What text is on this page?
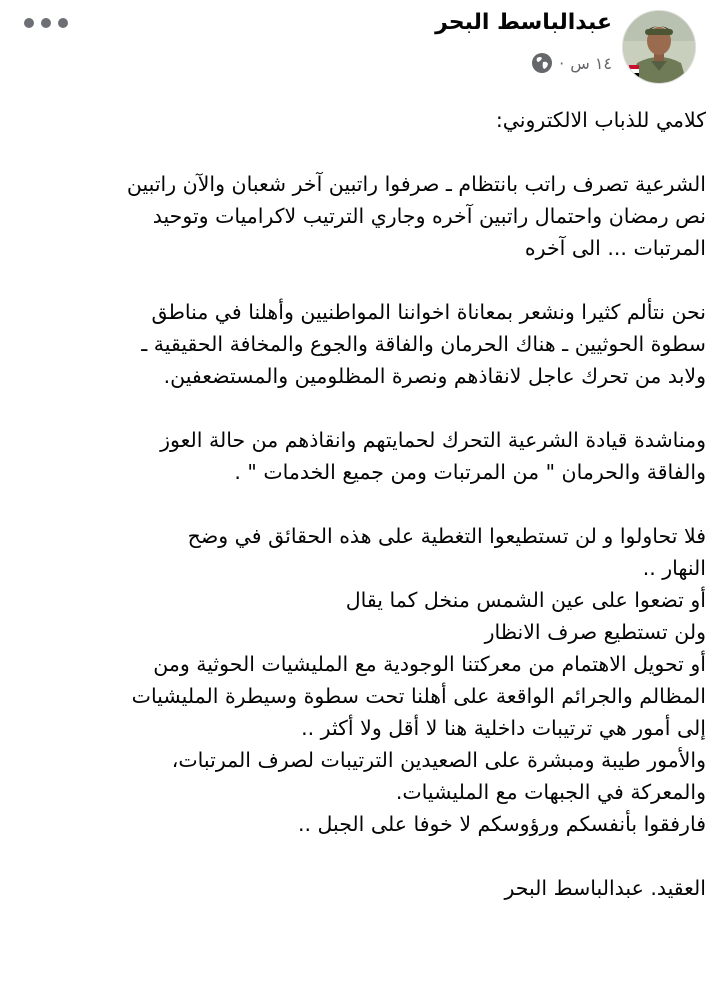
عبدالباسط البحر
١٤ س
·

كلامي للذباب الالكتروني:

الشرعية تصرف راتب بانتظام ـ صرفوا راتبين آخر شعبان والآن راتبين
نص رمضان واحتمال راتبين آخره وجاري الترتيب لاكراميات وتوحيد
المرتبات ... الى آخره

نحن نتألم كثيرا ونشعر بمعاناة اخواننا المواطنيين وأهلنا في مناطق
سطوة الحوثيين ـ هناك الحرمان والفاقة والجوع والمخافة الحقيقية ـ
ولابد من تحرك عاجل لانقاذهم ونصرة المظلومين والمستضعفين.

ومناشدة قيادة الشرعية التحرك لحمايتهم وانقاذهم من حالة العوز
والفاقة والحرمان " من المرتبات ومن جميع الخدمات " .

فلا تحاولوا و لن تستطيعوا التغطية على هذه الحقائق في وضح
النهار ..
أو تضعوا على عين الشمس منخل كما يقال
ولن تستطيع صرف الانظار
أو تحويل الاهتمام من معركتنا الوجودية مع المليشيات الحوثية ومن
المظالم والجرائم الواقعة على أهلنا تحت سطوة وسيطرة المليشيات
إلى أمور هي ترتيبات داخلية هنا لا أقل ولا أكثر ..
والأمور طيبة ومبشرة على الصعيدين الترتيبات لصرف المرتبات،
والمعركة في الجبهات مع المليشيات.
فارفقوا بأنفسكم ورؤوسكم لا خوفا على الجبل ..

العقيد. عبدالباسط البحر
